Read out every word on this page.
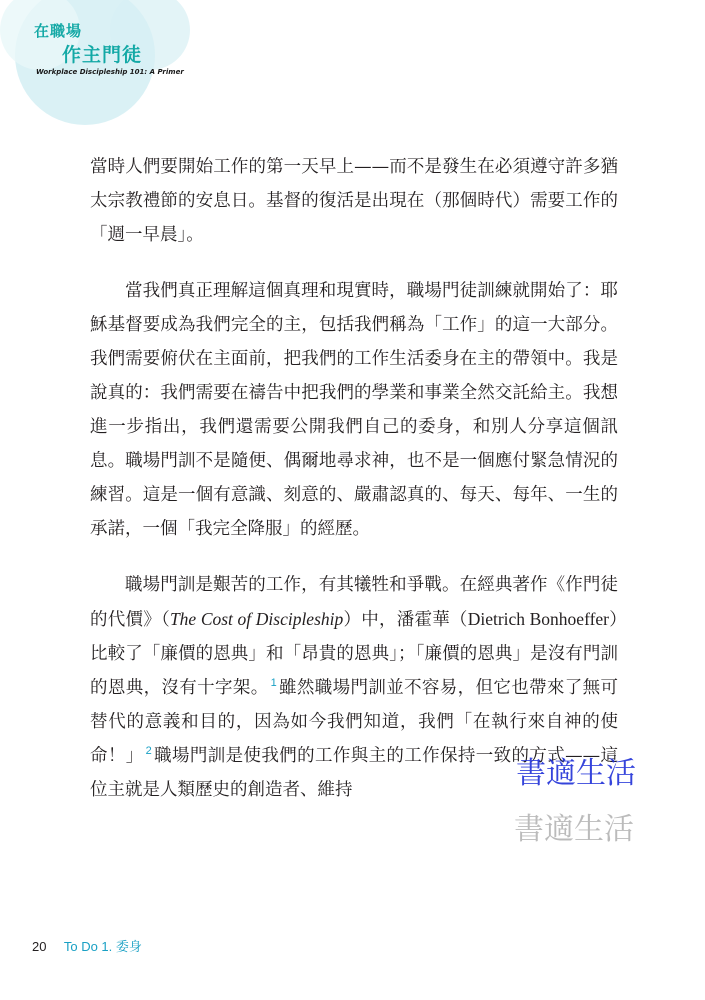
在職場
作主門徒
Workplace Discipleship 101: A Primer

當時人們要開始工作的第一天早上——而不是發生在必須遵守許多猶太宗教禮節的安息日。基督的復活是出現在（那個時代）需要工作的「週一早晨」。

當我們真正理解這個真理和現實時，職場門徒訓練就開始了：耶穌基督要成為我們完全的主，包括我們稱為「工作」的這一大部分。我們需要俯伏在主面前，把我們的工作生活委身在主的帶領中。我是說真的：我們需要在禱告中把我們的學業和事業全然交託給主。我想進一步指出，我們還需要公開我們自己的委身，和別人分享這個訊息。職場門訓不是隨便、偶爾地尋求神，也不是一個應付緊急情況的練習。這是一個有意識、刻意的、嚴肅認真的、每天、每年、一生的承諾，一個「我完全降服」的經歷。

職場門訓是艱苦的工作，有其犧牲和爭戰。在經典著作《作門徒的代價》（The Cost of Discipleship）中，潘霍華（Dietrich Bonhoeffer）比較了「廉價的恩典」和「昂貴的恩典」；「廉價的恩典」是沒有門訓的恩典，沒有十字架。 $^1$ 雖然職場門訓並不容易，但它也帶來了無可替代的意義和目的，因為如今我們知道，我們「在執行來自神的使命！」 $^2$ 職場門訓是使我們的工作與主的工作保持一致的方式——這位主就是人類歷史的創造者、維持	書適生活
書適生活
20 To Do 1. 委身
